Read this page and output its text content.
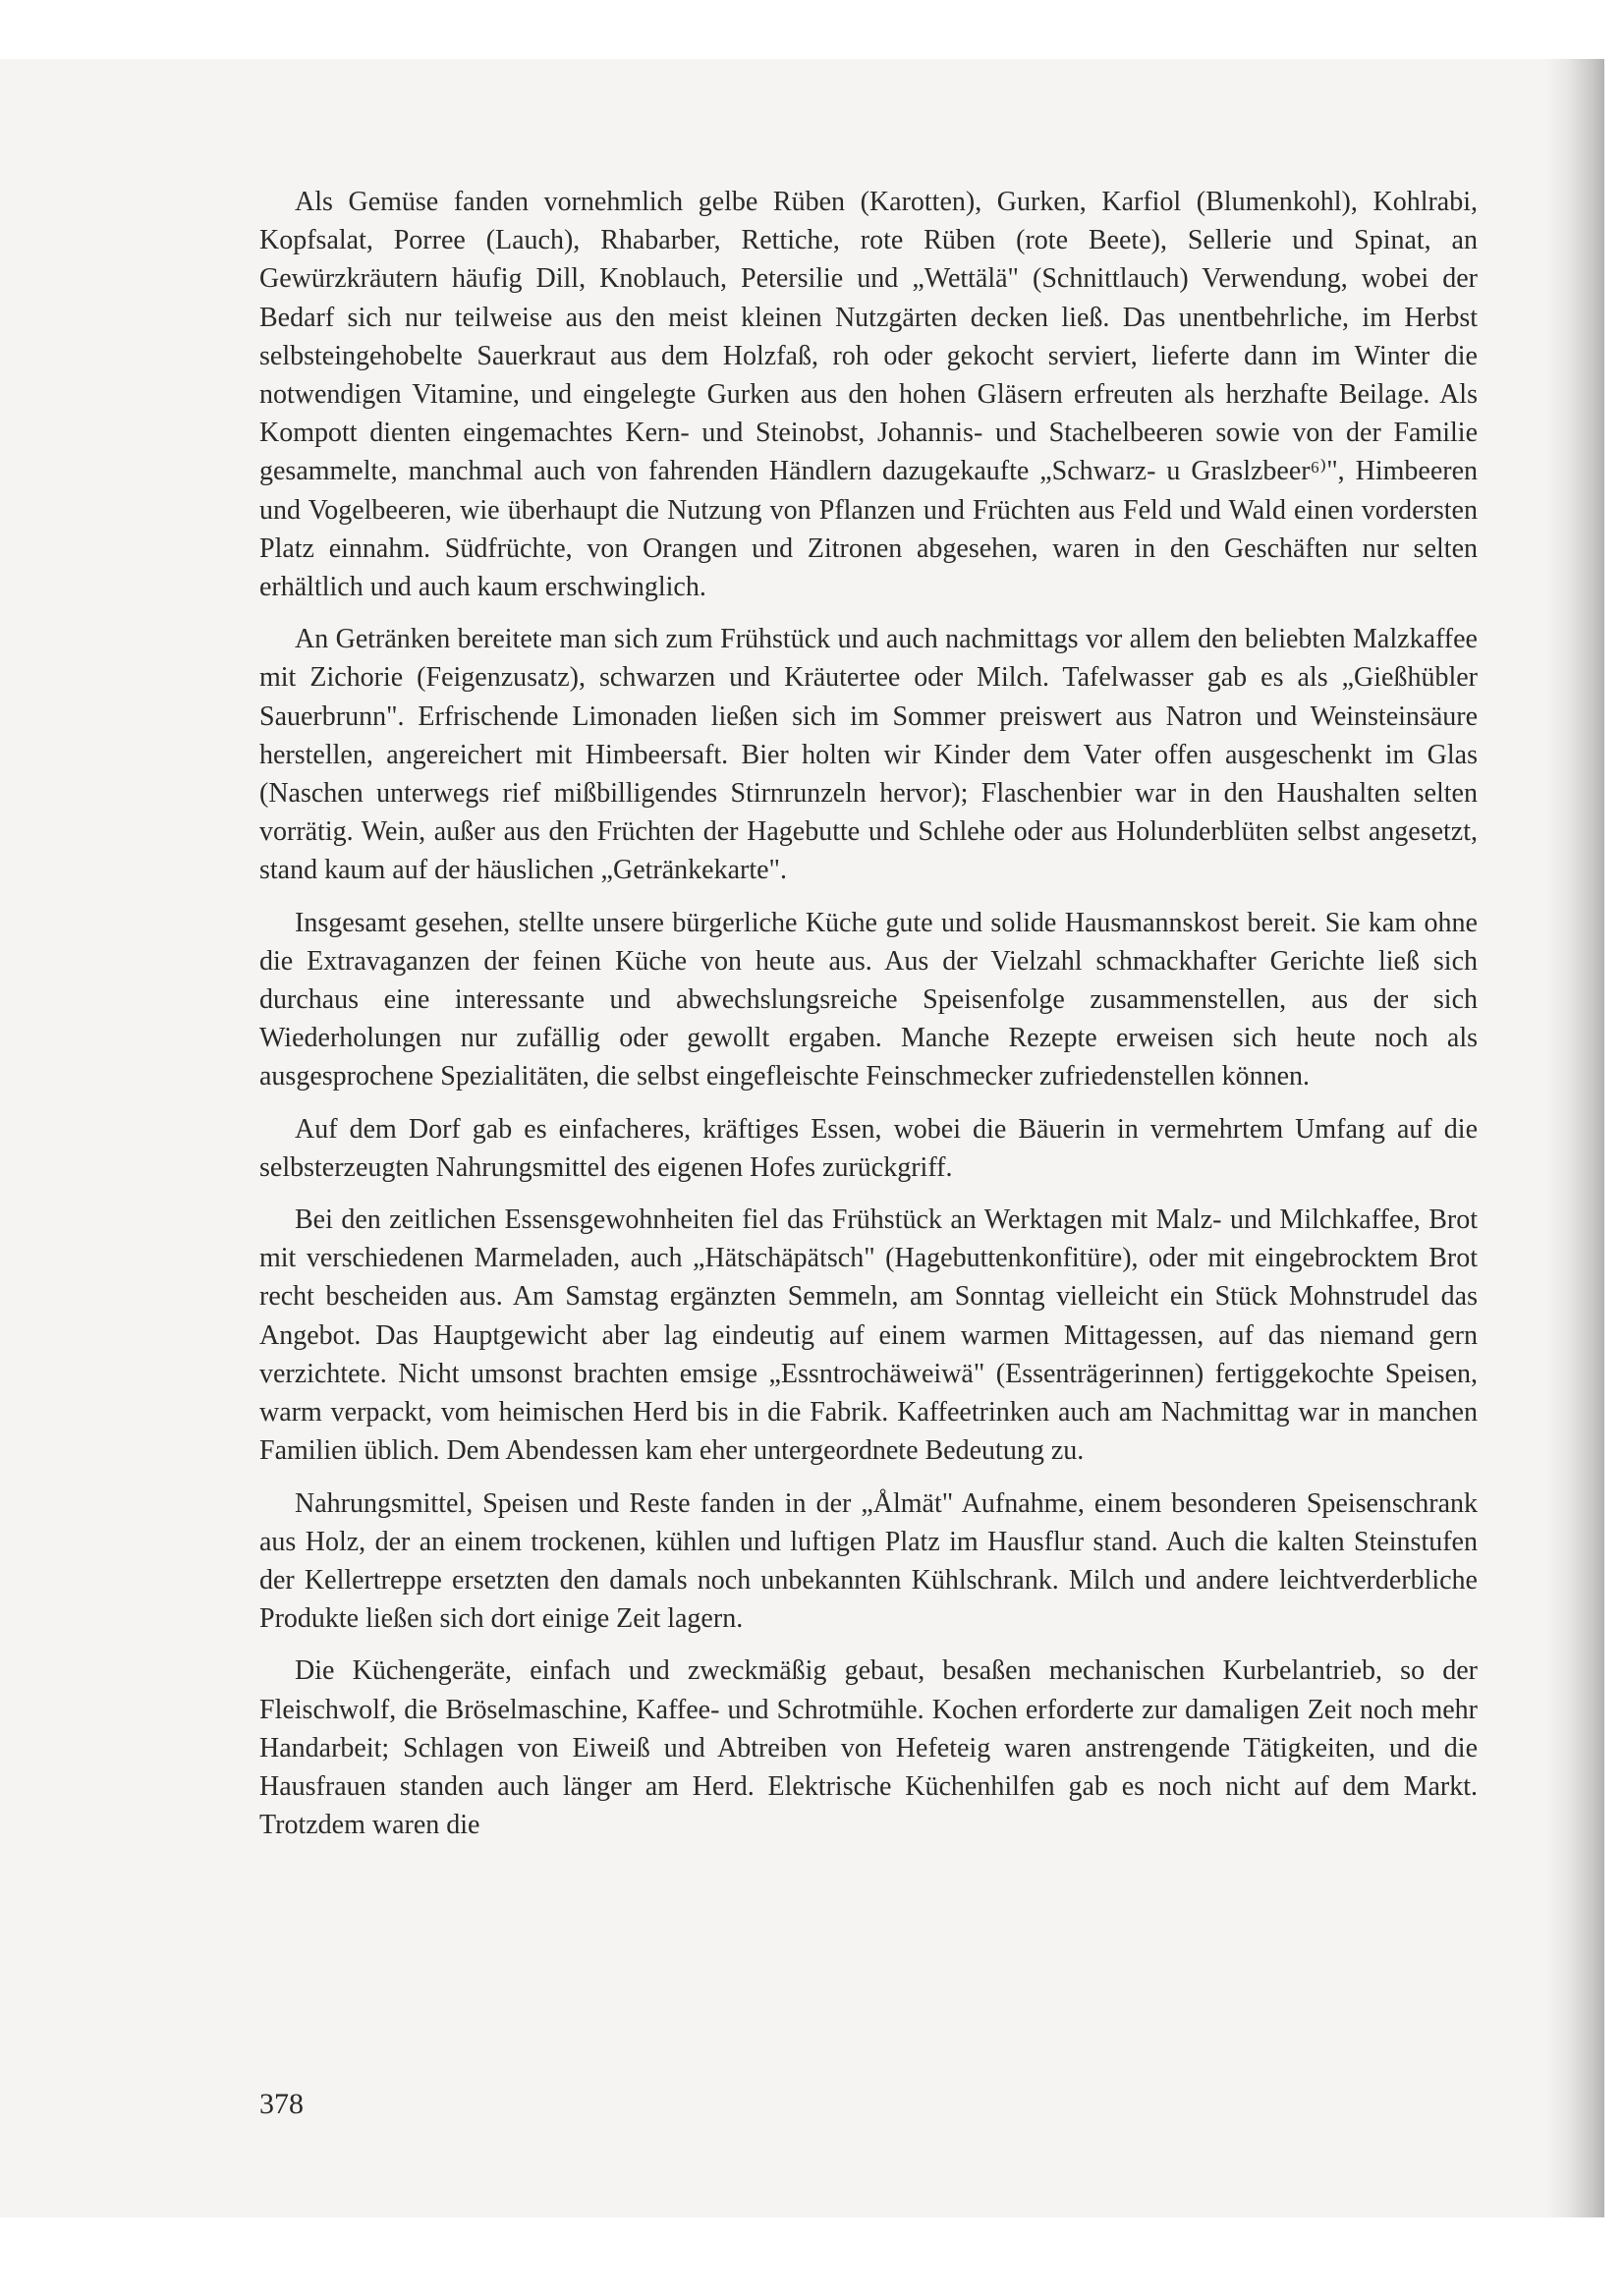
Als Gemüse fanden vornehmlich gelbe Rüben (Karotten), Gurken, Karfiol (Blumenkohl), Kohlrabi, Kopfsalat, Porree (Lauch), Rhabarber, Rettiche, rote Rüben (rote Beete), Sellerie und Spinat, an Gewürzkräutern häufig Dill, Knoblauch, Petersilie und „Wettälä" (Schnittlauch) Verwendung, wobei der Bedarf sich nur teilweise aus den meist kleinen Nutzgärten decken ließ. Das unentbehrliche, im Herbst selbsteingehobelte Sauerkraut aus dem Holzfaß, roh oder gekocht serviert, lieferte dann im Winter die notwendigen Vitamine, und eingelegte Gurken aus den hohen Gläsern erfreuten als herzhafte Beilage. Als Kompott dienten eingemachtes Kern- und Steinobst, Johannis- und Stachelbeeren sowie von der Familie gesammelte, manchmal auch von fahrenden Händlern dazugekaufte „Schwarz- u Graslzbeer⁶⁾", Himbeeren und Vogelbeeren, wie überhaupt die Nutzung von Pflanzen und Früchten aus Feld und Wald einen vordersten Platz einnahm. Südfrüchte, von Orangen und Zitronen abgesehen, waren in den Geschäften nur selten erhältlich und auch kaum erschwinglich.

An Getränken bereitete man sich zum Frühstück und auch nachmittags vor allem den beliebten Malzkaffee mit Zichorie (Feigenzusatz), schwarzen und Kräutertee oder Milch. Tafelwasser gab es als „Gießhübler Sauerbrunn". Erfrischende Limonaden ließen sich im Sommer preiswert aus Natron und Weinsteinsäure herstellen, angereichert mit Himbeersaft. Bier holten wir Kinder dem Vater offen ausgeschenkt im Glas (Naschen unterwegs rief mißbilligendes Stirnrunzeln hervor); Flaschenbier war in den Haushalten selten vorrätig. Wein, außer aus den Früchten der Hagebutte und Schlehe oder aus Holunderblüten selbst angesetzt, stand kaum auf der häuslichen „Getränkekarte".

Insgesamt gesehen, stellte unsere bürgerliche Küche gute und solide Hausmannskost bereit. Sie kam ohne die Extravaganzen der feinen Küche von heute aus. Aus der Vielzahl schmackhafter Gerichte ließ sich durchaus eine interessante und abwechslungsreiche Speisenfolge zusammenstellen, aus der sich Wiederholungen nur zufällig oder gewollt ergaben. Manche Rezepte erweisen sich heute noch als ausgesprochene Spezialitäten, die selbst eingefleischte Feinschmecker zufriedenstellen können.

Auf dem Dorf gab es einfacheres, kräftiges Essen, wobei die Bäuerin in vermehrtem Umfang auf die selbsterzeugten Nahrungsmittel des eigenen Hofes zurückgriff.

Bei den zeitlichen Essensgewohnheiten fiel das Frühstück an Werktagen mit Malz- und Milchkaffee, Brot mit verschiedenen Marmeladen, auch „Hätschäpätsch" (Hagebuttenkonfitüre), oder mit eingebrocktem Brot recht bescheiden aus. Am Samstag ergänzten Semmeln, am Sonntag vielleicht ein Stück Mohnstrudel das Angebot. Das Hauptgewicht aber lag eindeutig auf einem warmen Mittagessen, auf das niemand gern verzichtete. Nicht umsonst brachten emsige „Essntrochäweiwä" (Essenträgerinnen) fertiggekochte Speisen, warm verpackt, vom heimischen Herd bis in die Fabrik. Kaffeetrinken auch am Nachmittag war in manchen Familien üblich. Dem Abendessen kam eher untergeordnete Bedeutung zu.

Nahrungsmittel, Speisen und Reste fanden in der „Ålmät" Aufnahme, einem besonderen Speisenschrank aus Holz, der an einem trockenen, kühlen und luftigen Platz im Hausflur stand. Auch die kalten Steinstufen der Kellertreppe ersetzten den damals noch unbekannten Kühlschrank. Milch und andere leichtverderbliche Produkte ließen sich dort einige Zeit lagern.

Die Küchengeräte, einfach und zweckmäßig gebaut, besaßen mechanischen Kurbelantrieb, so der Fleischwolf, die Bröselmaschine, Kaffee- und Schrotmühle. Kochen erforderte zur damaligen Zeit noch mehr Handarbeit; Schlagen von Eiweiß und Abtreiben von Hefeteig waren anstrengende Tätigkeiten, und die Hausfrauen standen auch länger am Herd. Elektrische Küchenhilfen gab es noch nicht auf dem Markt. Trotzdem waren die

378
